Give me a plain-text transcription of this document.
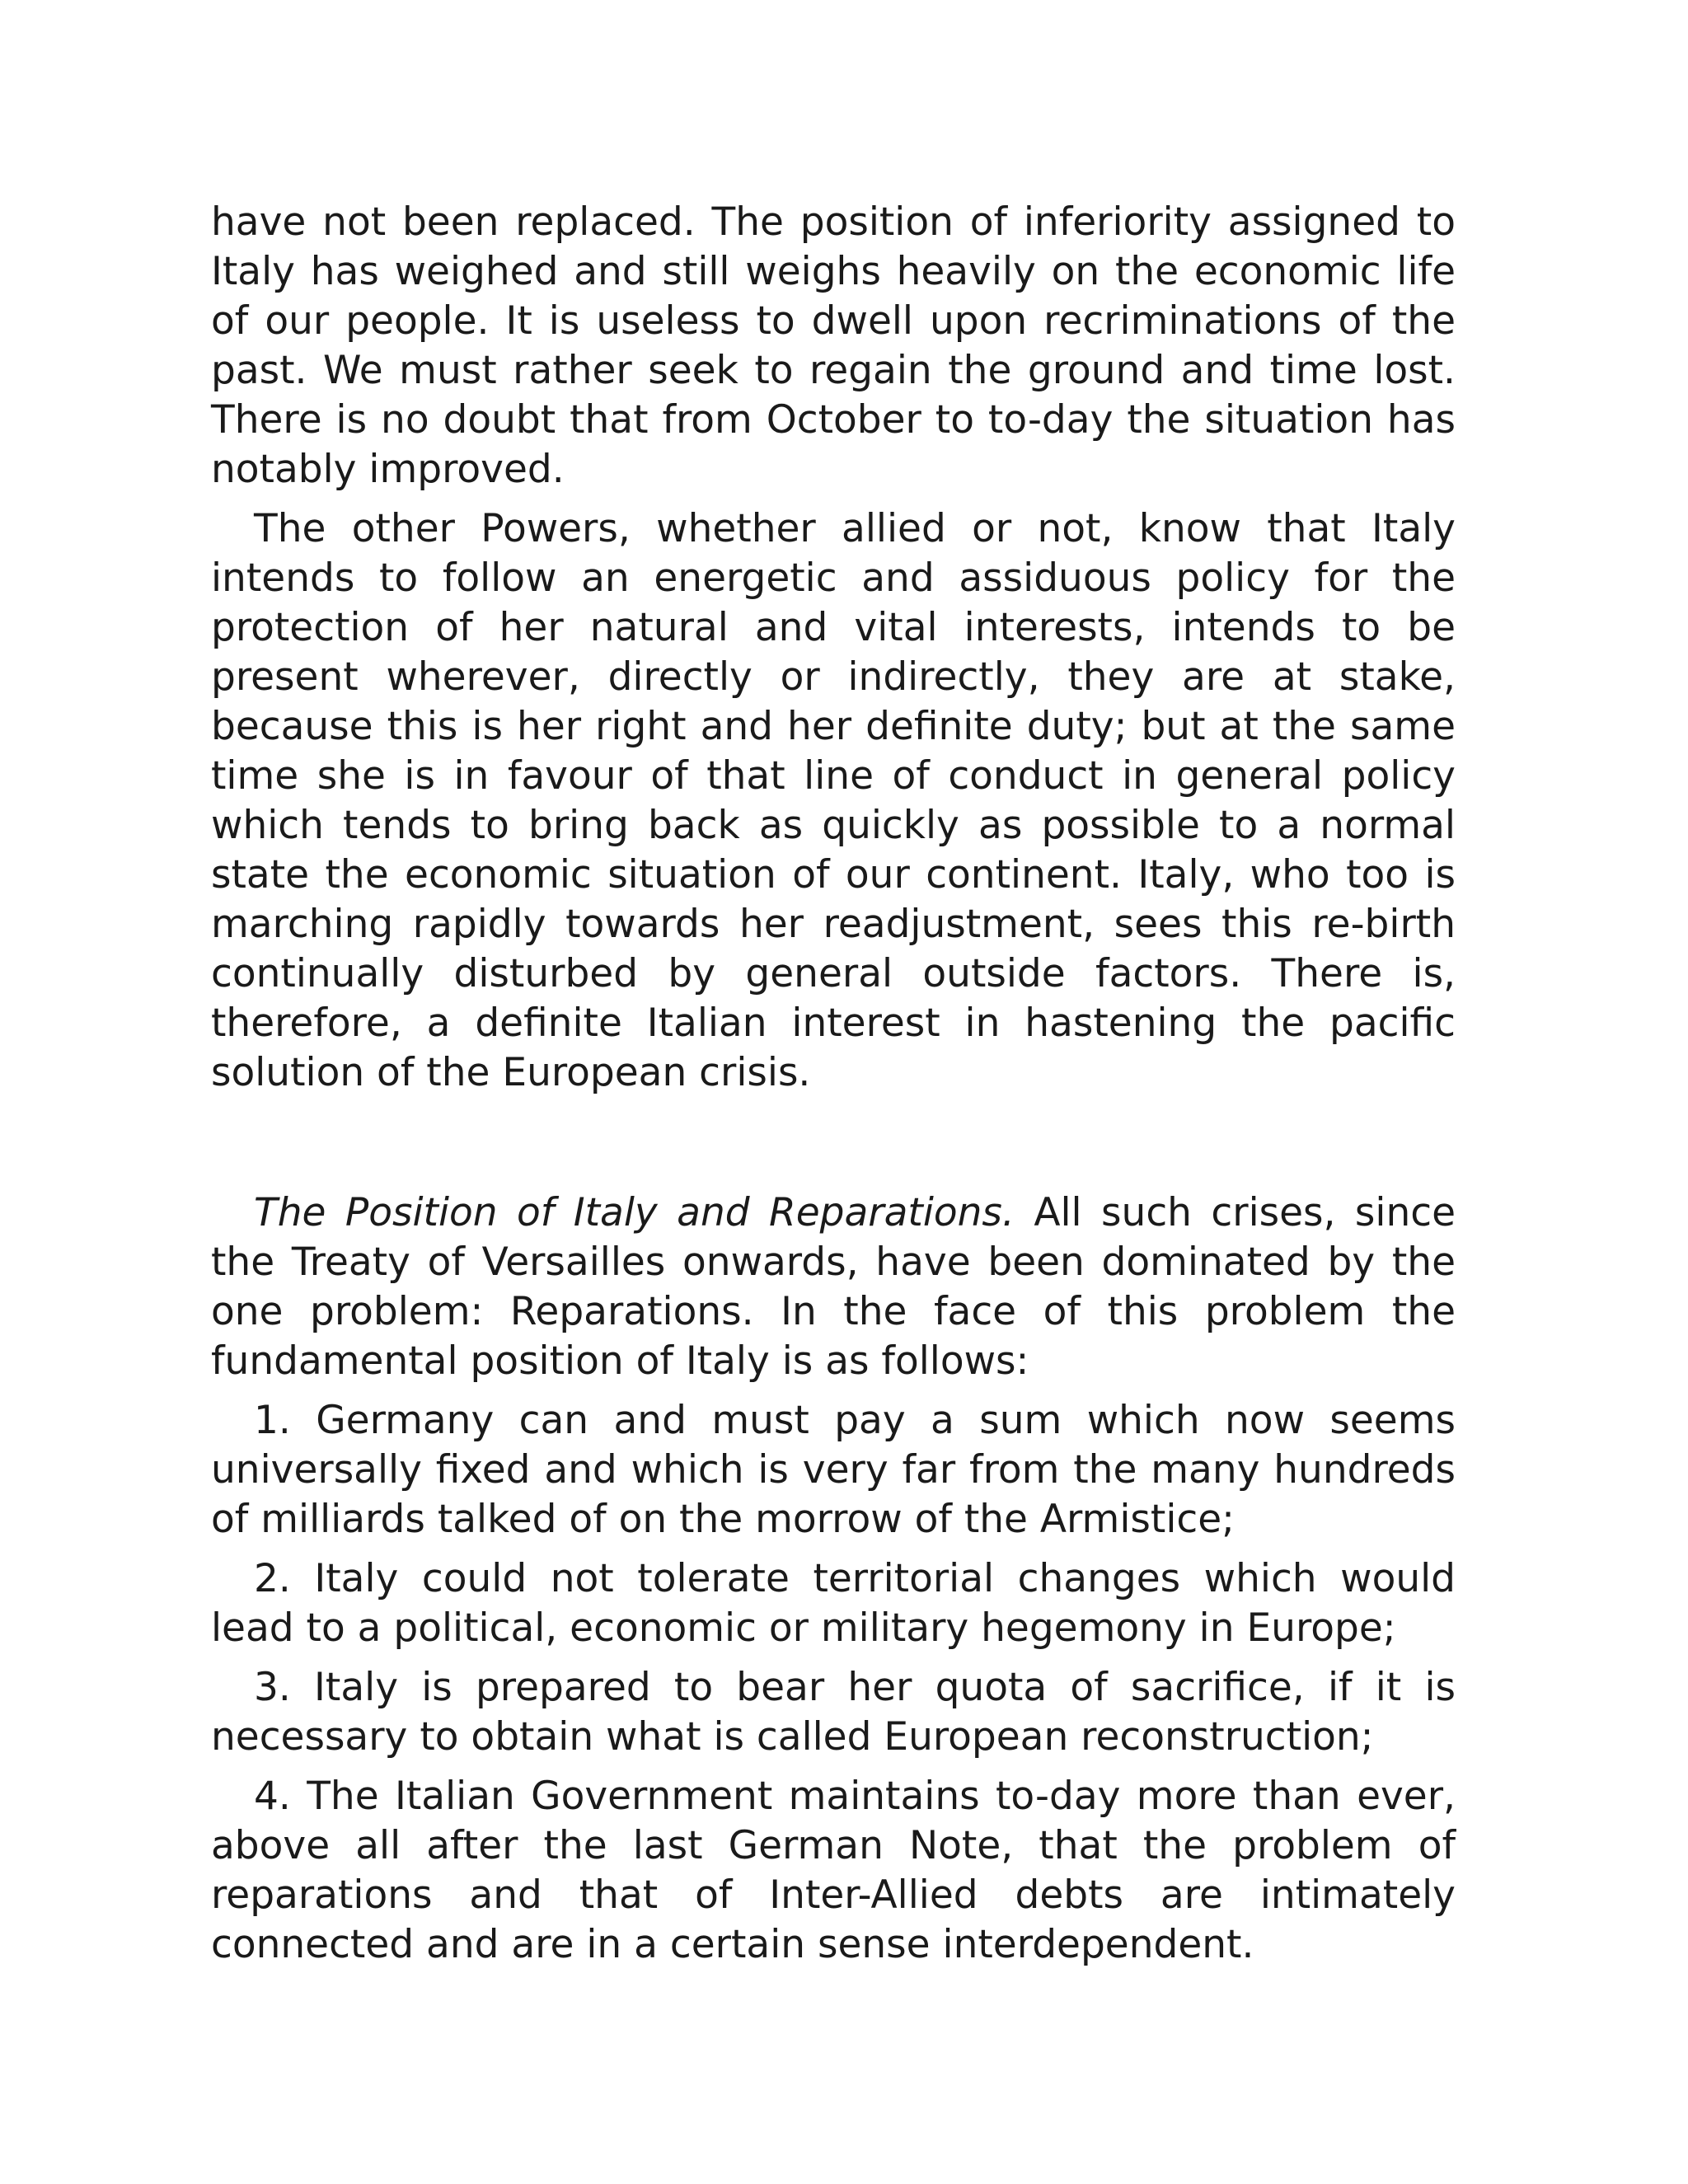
have not been replaced. The position of inferiority assigned to Italy has weighed and still weighs heavily on the economic life of our people. It is useless to dwell upon recriminations of the past. We must rather seek to regain the ground and time lost. There is no doubt that from October to to-day the situation has notably improved.

The other Powers, whether allied or not, know that Italy intends to follow an energetic and assiduous policy for the protection of her natural and vital interests, intends to be present wherever, directly or indirectly, they are at stake, because this is her right and her definite duty; but at the same time she is in favour of that line of conduct in general policy which tends to bring back as quickly as possible to a normal state the economic situation of our continent. Italy, who too is marching rapidly towards her readjustment, sees this re-birth continually disturbed by general outside factors. There is, therefore, a definite Italian interest in hastening the pacific solution of the European crisis.

The Position of Italy and Reparations. All such crises, since the Treaty of Versailles onwards, have been dominated by the one problem: Reparations. In the face of this problem the fundamental position of Italy is as follows:

1. Germany can and must pay a sum which now seems universally fixed and which is very far from the many hundreds of milliards talked of on the morrow of the Armistice;

2. Italy could not tolerate territorial changes which would lead to a political, economic or military hegemony in Europe;

3. Italy is prepared to bear her quota of sacrifice, if it is necessary to obtain what is called European reconstruction;

4. The Italian Government maintains to-day more than ever, above all after the last German Note, that the problem of reparations and that of Inter-Allied debts are intimately connected and are in a certain sense interdependent.
